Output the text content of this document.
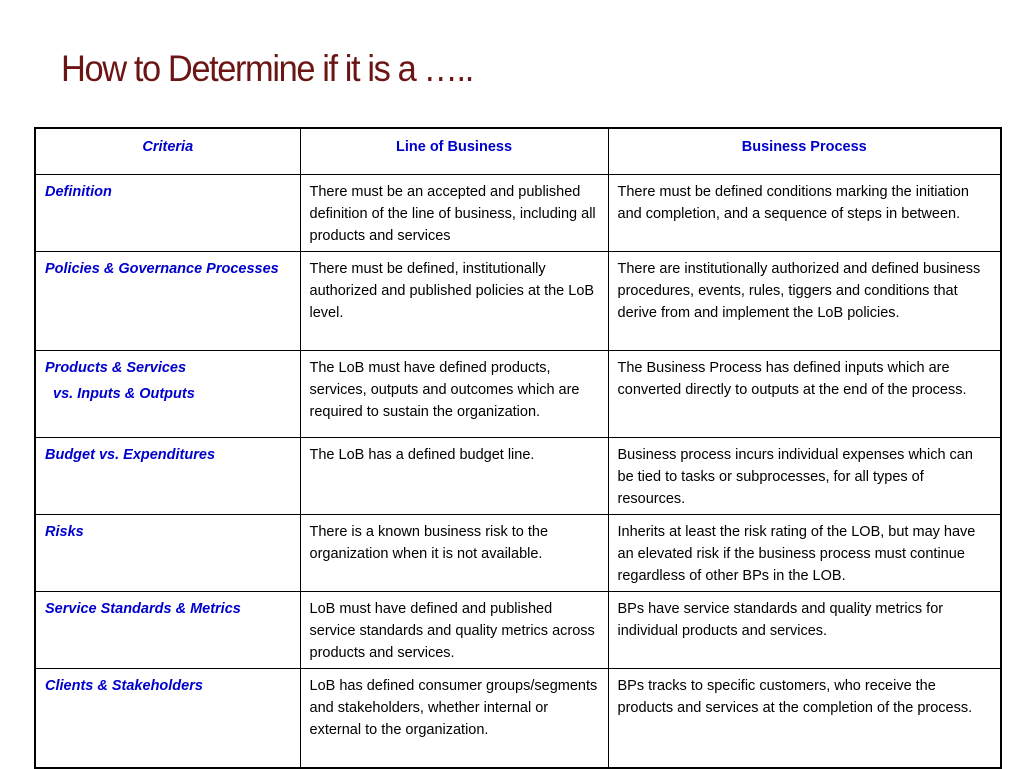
How to Determine if it is a …..
Criteria	Line of Business	Business Process

Definition	There must be an accepted and published definition of the line of business, including all products and services	There must be defined conditions marking the initiation and completion, and a sequence of steps in between.

Policies & Governance Processes	There must be defined, institutionally authorized and published policies at the LoB level.	There are institutionally authorized and defined business procedures, events, rules, tiggers and conditions that derive from and implement the LoB policies.

Products & Services
vs. Inputs & Outputs	The LoB must have defined products, services, outputs and outcomes which are required to sustain the organization.	The Business Process has defined inputs which are converted directly to outputs at the end of the process.

Budget vs. Expenditures	The LoB has a defined budget line.	Business process incurs individual expenses which can be tied to tasks or subprocesses, for all types of resources.

Risks	There is a known business risk to the organization when it is not available.	Inherits at least the risk rating of the LOB, but may have an elevated risk if the business process must continue regardless of other BPs in the LOB.

Service Standards & Metrics	LoB must have defined and published service standards and quality metrics across products and services.	BPs have service standards and quality metrics for individual products and services.

Clients & Stakeholders	LoB has defined consumer groups/segments and stakeholders, whether internal or external to the organization.	BPs tracks to specific customers, who receive the products and services at the completion of the process.
